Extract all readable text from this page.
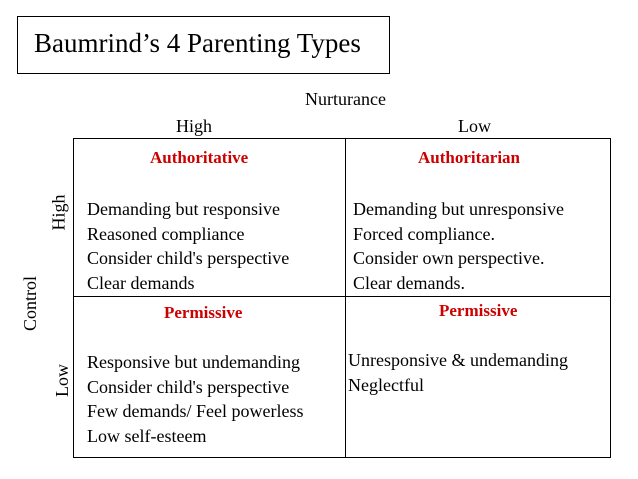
Baumrind’s 4 Parenting Types
Nurturance
High	Low
Control
High
Low
Authoritative
Demanding but responsive
Reasoned compliance
Consider child's perspective
Clear demands
Authoritarian
Demanding but unresponsive
Forced compliance.
Consider own perspective.
Clear demands.
Permissive
Responsive but undemanding
Consider child's perspective
Few demands/ Feel powerless
Low self-esteem
Permissive
Unresponsive & undemanding
Neglectful
